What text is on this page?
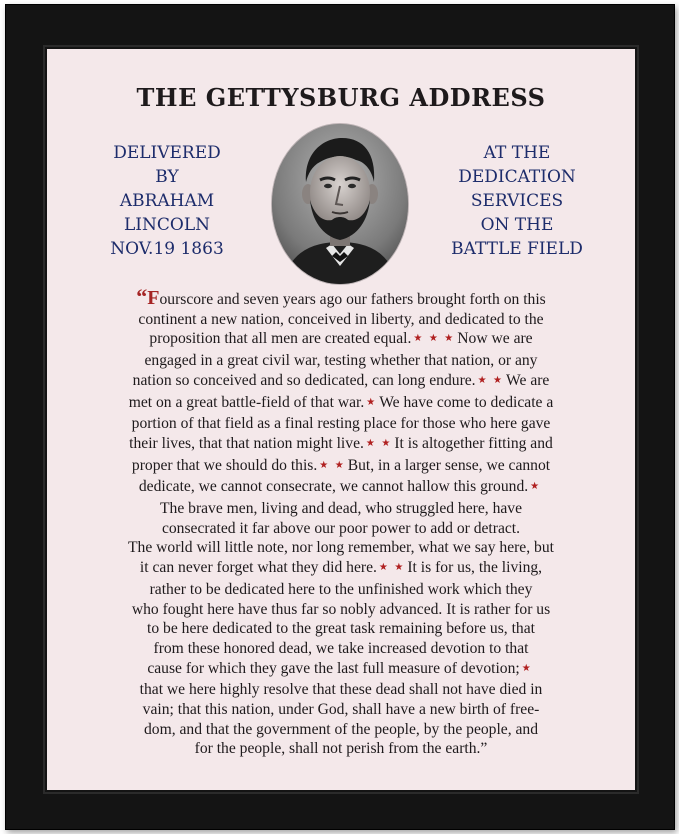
THE GETTYSBURG ADDRESS
DELIVERED
BY
ABRAHAM
LINCOLN
NOV.19 1863
AT THE
DEDICATION
SERVICES
ON THE
BATTLE FIELD
“Fourscore and seven years ago our fathers brought forth on this
continent a new nation, conceived in liberty, and dedicated to the
proposition that all men are created equal. ★ ★ ★ Now we are
engaged in a great civil war, testing whether that nation, or any
nation so conceived and so dedicated, can long endure. ★ ★ We are
met on a great battle-field of that war. ★ We have come to dedicate a
portion of that field as a final resting place for those who here gave
their lives, that that nation might live. ★ ★ It is altogether fitting and
proper that we should do this. ★ ★ But, in a larger sense, we cannot
dedicate, we cannot consecrate, we cannot hallow this ground. ★
The brave men, living and dead, who struggled here, have
consecrated it far above our poor power to add or detract.
The world will little note, nor long remember, what we say here, but
it can never forget what they did here. ★ ★ It is for us, the living,
rather to be dedicated here to the unfinished work which they
who fought here have thus far so nobly advanced. It is rather for us
to be here dedicated to the great task remaining before us, that
from these honored dead, we take increased devotion to that
cause for which they gave the last full measure of devotion; ★
that we here highly resolve that these dead shall not have died in
vain; that this nation, under God, shall have a new birth of free-
dom, and that the government of the people, by the people, and
for the people, shall not perish from the earth.”
